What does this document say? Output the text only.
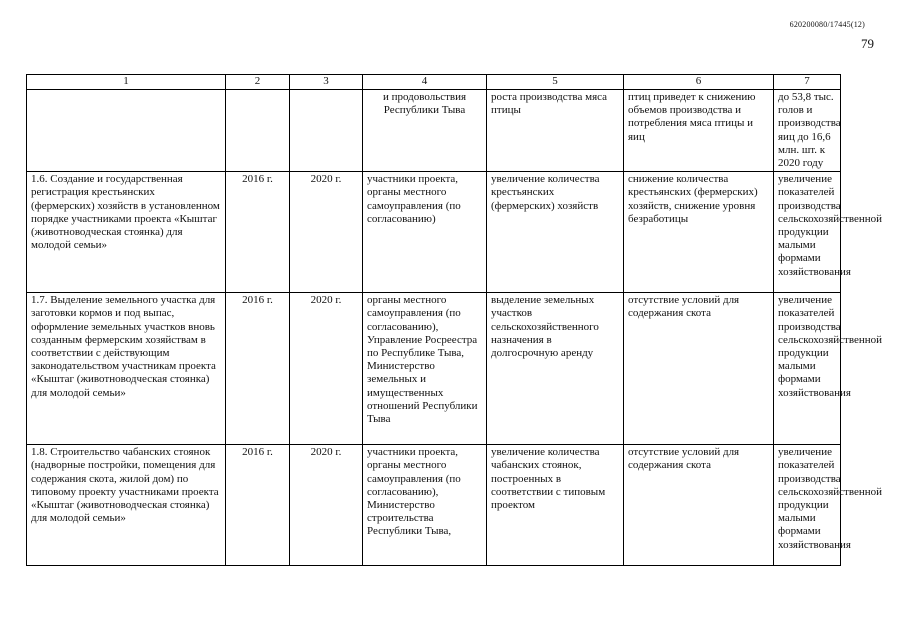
620200080/17445(12)
79
1	2	3	4	5	6	7
			и продовольствия Республики Тыва	роста производства мяса птицы	птиц приведет к снижению объемов производства и потребления мяса птицы и яиц	до 53,8 тыс. голов и производства яиц до 16,6 млн. шт. к 2020 году
1.6. Создание и государственная регистрация крестьянских (фермерских) хозяйств в установленном порядке участниками проекта «Кыштаг (животноводческая стоянка) для молодой семьи»	2016 г.	2020 г.	участники проекта, органы местного самоуправления (по согласованию)	увеличение количества крестьянских (фермерских) хозяйств	снижение количества крестьянских (фермерских) хозяйств, снижение уровня безработицы	увеличение показателей производства сельскохозяйственной продукции малыми формами хозяйствования
1.7. Выделение земельного участка для заготовки кормов и под выпас, оформление земельных участков вновь созданным фермерским хозяйствам в соответствии с действующим законодательством участникам проекта «Кыштаг (животноводческая стоянка) для молодой семьи»	2016 г.	2020 г.	органы местного самоуправления (по согласованию), Управление Росреестра по Республике Тыва, Министерство земельных и имущественных отношений Республики Тыва	выделение земельных участков сельскохозяйственного назначения в долгосрочную аренду	отсутствие условий для содержания скота	увеличение показателей производства сельскохозяйственной продукции малыми формами хозяйствования
1.8. Строительство чабанских стоянок (надворные постройки, помещения для содержания скота, жилой дом) по типовому проекту участниками проекта «Кыштаг (животноводческая стоянка) для молодой семьи»	2016 г.	2020 г.	участники проекта, органы местного самоуправления (по согласованию), Министерство строительства Республики Тыва,	увеличение количества чабанских стоянок, построенных в соответствии с типовым проектом	отсутствие условий для содержания скота	увеличение показателей производства сельскохозяйственной продукции малыми формами хозяйствования
